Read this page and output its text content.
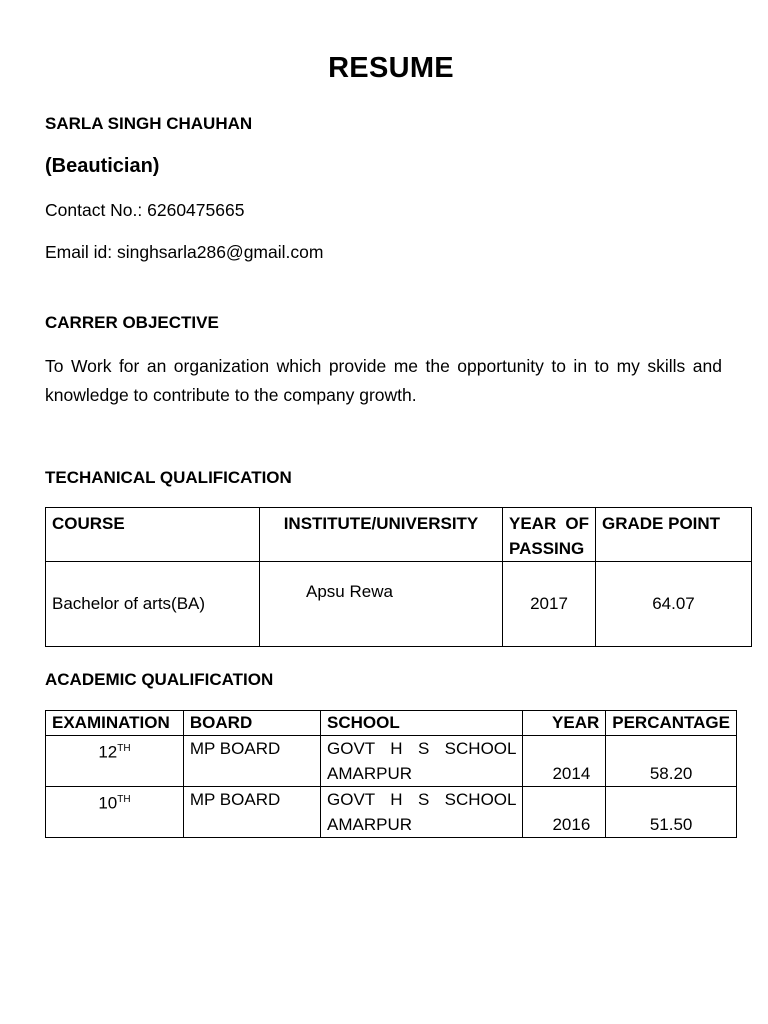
RESUME
SARLA SINGH CHAUHAN
(Beautician)
Contact No.: 6260475665
Email id: singhsarla286@gmail.com
CARRER OBJECTIVE
To Work for an organization which provide me the opportunity to in to my skills and knowledge to contribute to the company growth.
TECHANICAL QUALIFICATION
COURSE	INSTITUTE/UNIVERSITY	YEAR OF PASSING	GRADE POINT
Bachelor of arts(BA)	Apsu Rewa	2017	64.07
ACADEMIC QUALIFICATION
EXAMINATION	BOARD	SCHOOL	YEAR	PERCANTAGE
12TH	MP BOARD	GOVT H S SCHOOL AMARPUR	2014	58.20
10TH	MP BOARD	GOVT H S SCHOOL AMARPUR	2016	51.50
